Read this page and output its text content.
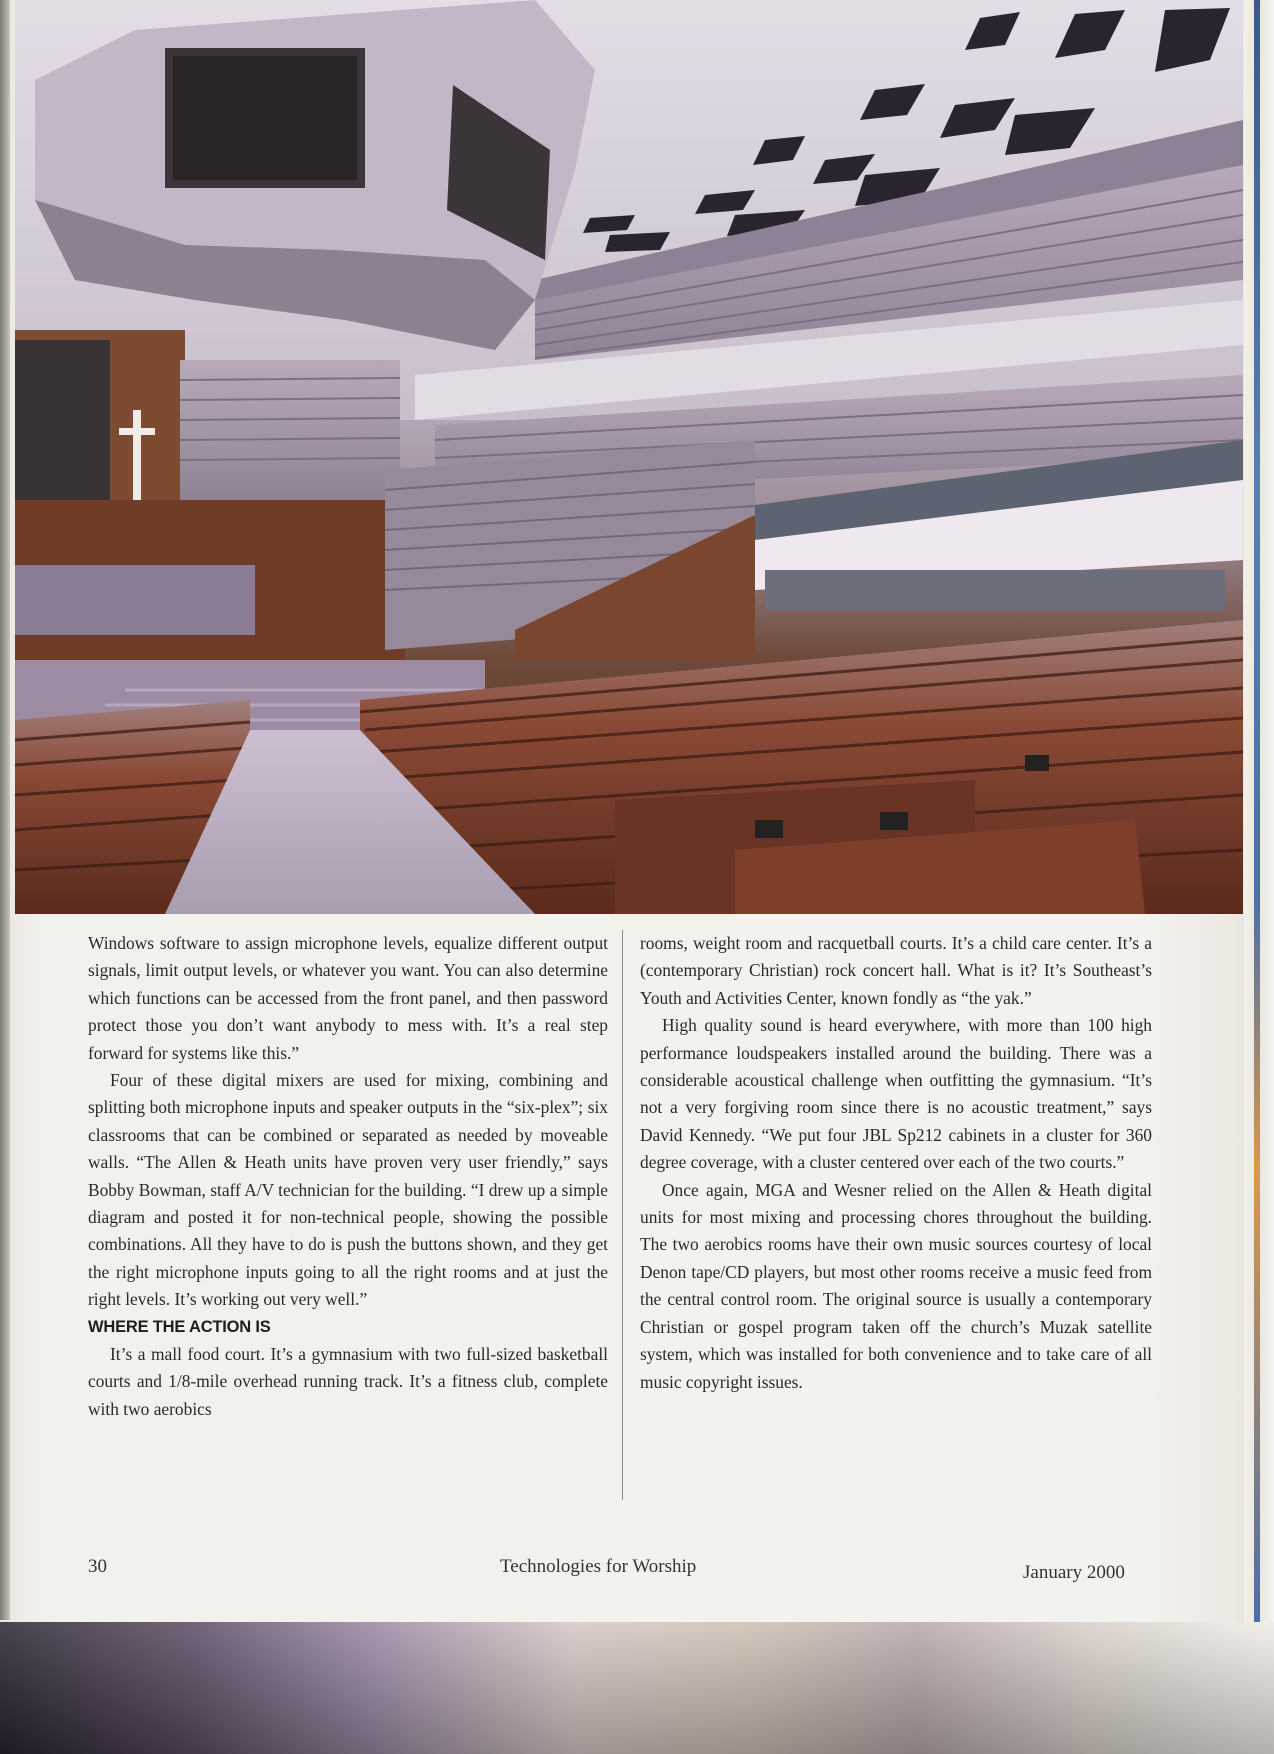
Windows software to assign microphone levels, equalize different output signals, limit output levels, or whatever you want. You can also determine which functions can be accessed from the front panel, and then password protect those you don’t want anybody to mess with. It’s a real step forward for systems like this.”

Four of these digital mixers are used for mixing, combining and splitting both microphone inputs and speaker outputs in the “six-plex”; six classrooms that can be combined or separated as needed by moveable walls. “The Allen & Heath units have proven very user friendly,” says Bobby Bowman, staff A/V technician for the building. “I drew up a simple diagram and posted it for non-technical people, showing the possible combinations. All they have to do is push the buttons shown, and they get the right microphone inputs going to all the right rooms and at just the right levels. It’s working out very well.”

WHERE THE ACTION IS

It’s a mall food court. It’s a gymnasium with two full-sized basketball courts and 1/8-mile overhead running track. It’s a fitness club, complete with two aerobics

rooms, weight room and racquetball courts. It’s a child care center. It’s a (contemporary Christian) rock concert hall. What is it? It’s Southeast’s Youth and Activities Center, known fondly as “the yak.”

High quality sound is heard everywhere, with more than 100 high performance loudspeakers installed around the building. There was a considerable acoustical challenge when outfitting the gymnasium. “It’s not a very forgiving room since there is no acoustic treatment,” says David Kennedy. “We put four JBL Sp212 cabinets in a cluster for 360 degree coverage, with a cluster centered over each of the two courts.”

Once again, MGA and Wesner relied on the Allen & Heath digital units for most mixing and processing chores throughout the building. The two aerobics rooms have their own music sources courtesy of local Denon tape/CD players, but most other rooms receive a music feed from the central control room. The original source is usually a contemporary Christian or gospel program taken off the church’s Muzak satellite system, which was installed for both convenience and to take care of all music copyright issues.

30	Technologies for Worship	January 2000
